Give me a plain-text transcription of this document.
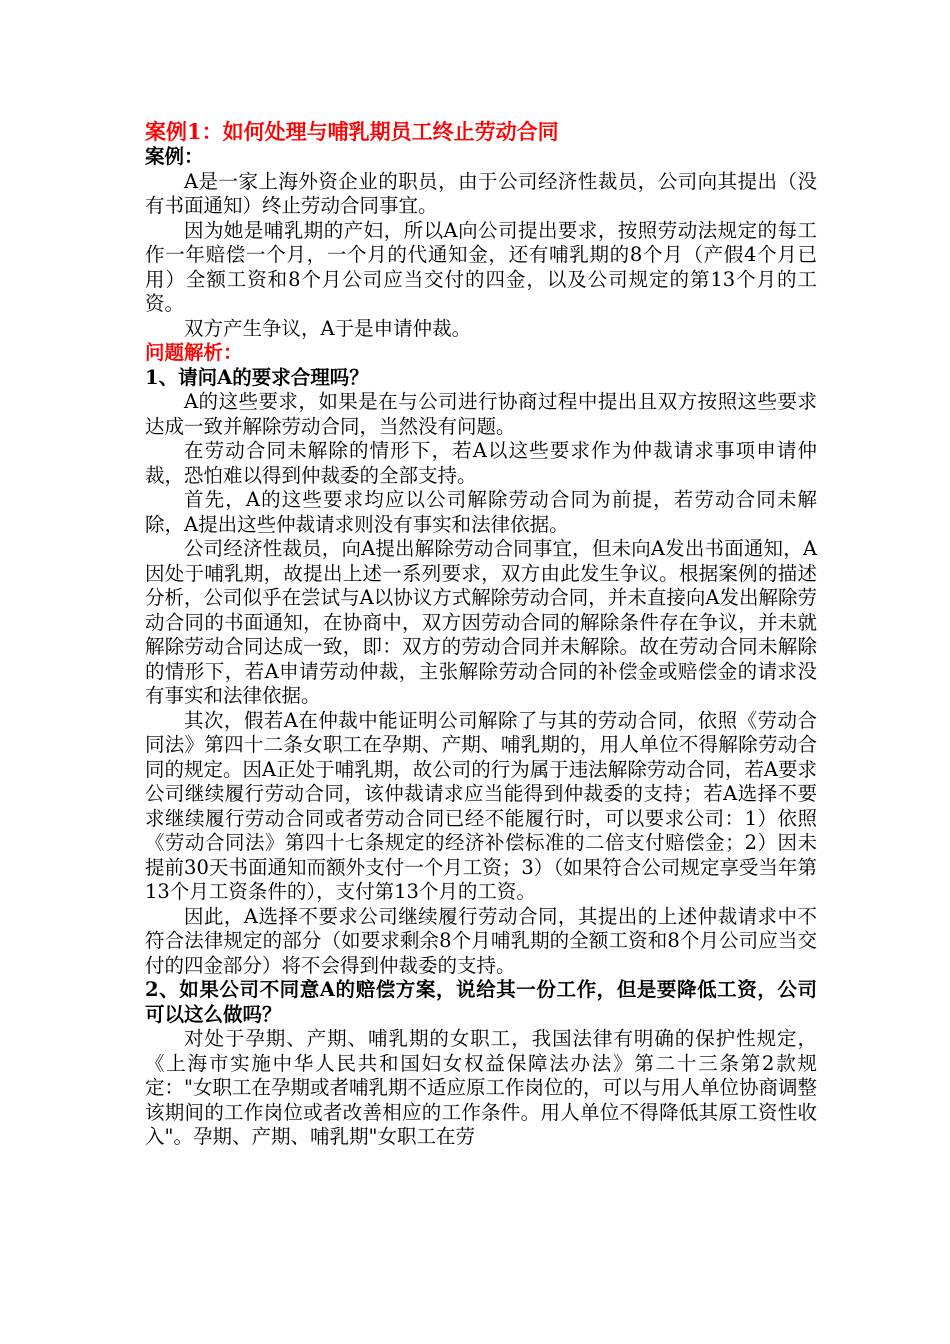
案例1：如何处理与哺乳期员工终止劳动合同

案例：

A是一家上海外资企业的职员，由于公司经济性裁员，公司向其提出（没有书面通知）终止劳动合同事宜。

因为她是哺乳期的产妇，所以A向公司提出要求，按照劳动法规定的每工作一年赔偿一个月，一个月的代通知金，还有哺乳期的8个月（产假4个月已用）全额工资和8个月公司应当交付的四金，以及公司规定的第13个月的工资。

双方产生争议，A于是申请仲裁。

问题解析：

1、请问A的要求合理吗？

A的这些要求，如果是在与公司进行协商过程中提出且双方按照这些要求达成一致并解除劳动合同，当然没有问题。

在劳动合同未解除的情形下，若A以这些要求作为仲裁请求事项申请仲裁，恐怕难以得到仲裁委的全部支持。

首先，A的这些要求均应以公司解除劳动合同为前提，若劳动合同未解除，A提出这些仲裁请求则没有事实和法律依据。

公司经济性裁员，向A提出解除劳动合同事宜，但未向A发出书面通知，A因处于哺乳期，故提出上述一系列要求，双方由此发生争议。根据案例的描述分析，公司似乎在尝试与A以协议方式解除劳动合同，并未直接向A发出解除劳动合同的书面通知，在协商中，双方因劳动合同的解除条件存在争议，并未就解除劳动合同达成一致，即：双方的劳动合同并未解除。故在劳动合同未解除的情形下，若A申请劳动仲裁，主张解除劳动合同的补偿金或赔偿金的请求没有事实和法律依据。

其次，假若A在仲裁中能证明公司解除了与其的劳动合同，依照《劳动合同法》第四十二条女职工在孕期、产期、哺乳期的，用人单位不得解除劳动合同的规定。因A正处于哺乳期，故公司的行为属于违法解除劳动合同，若A要求公司继续履行劳动合同，该仲裁请求应当能得到仲裁委的支持；若A选择不要求继续履行劳动合同或者劳动合同已经不能履行时，可以要求公司：1）依照《劳动合同法》第四十七条规定的经济补偿标准的二倍支付赔偿金；2）因未提前30天书面通知而额外支付一个月工资；3）（如果符合公司规定享受当年第13个月工资条件的），支付第13个月的工资。

因此，A选择不要求公司继续履行劳动合同，其提出的上述仲裁请求中不符合法律规定的部分（如要求剩余8个月哺乳期的全额工资和8个月公司应当交付的四金部分）将不会得到仲裁委的支持。

2、如果公司不同意A的赔偿方案，说给其一份工作，但是要降低工资，公司可以这么做吗？

对处于孕期、产期、哺乳期的女职工，我国法律有明确的保护性规定，《上海市实施中华人民共和国妇女权益保障法办法》第二十三条第2款规定："女职工在孕期或者哺乳期不适应原工作岗位的，可以与用人单位协商调整该期间的工作岗位或者改善相应的工作条件。用人单位不得降低其原工资性收入"。孕期、产期、哺乳期"女职工在劳
